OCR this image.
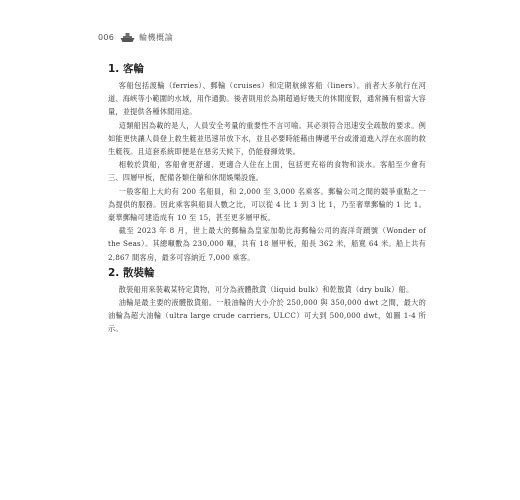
006	輪機概論
1. 客輪

客船包括渡輪（ferries）、郵輪（cruises）和定期航線客船（liners）。前者大多航行在河道、海峽等小範圍的水域，用作通勤。後者則用於為期超過好幾天的休閒度假，通常擁有相當大容量，並提供各種休閒用途。

這類船因為載的是人，人員安全考量的重要性不言可喻。其必須符合迅速安全疏散的要求。例如能更快讓人員登上救生艇並迅速吊放下水，並且必要時能藉由傳遞平台或滑道進入浮在水面的救生艇筏。且這套系統即便是在惡劣天候下，仍能發揮效果。

相較於貨船，客船會更舒適、更適合人住在上面，包括更充裕的食物和淡水。客船至少會有三、四層甲板，配備各類住艙和休閒娛樂設施。

一般客船上大約有 200 名船員，和 2,000 至 3,000 名乘客。郵輪公司之間的競爭重點之一為提供的服務。因此乘客與船員人數之比，可以從 4 比 1 到 3 比 1，乃至奢華郵輪的 1 比 1。豪華郵輪可建造成有 10 至 15，甚至更多層甲板。

截至 2023 年 8 月，世上最大的郵輪為皇家加勒比海郵輪公司的海洋奇蹟號（Wonder of the Seas）。其總噸數為 230,000 噸，共有 18 層甲板，船長 362 米，船寬 64 米。船上共有 2,867 間客房，最多可容納近 7,000 乘客。

2. 散裝輪

散裝船用來裝載某特定貨物，可分為液體散貨（liquid bulk）和乾散貨（dry bulk）船。

油輪是最主要的液體散貨船。一般油輪的大小介於 250,000 與 350,000 dwt 之間，最大的油輪為超大油輪（ultra large crude carriers, ULCC）可大到 500,000 dwt，如圖 1-4 所示。
